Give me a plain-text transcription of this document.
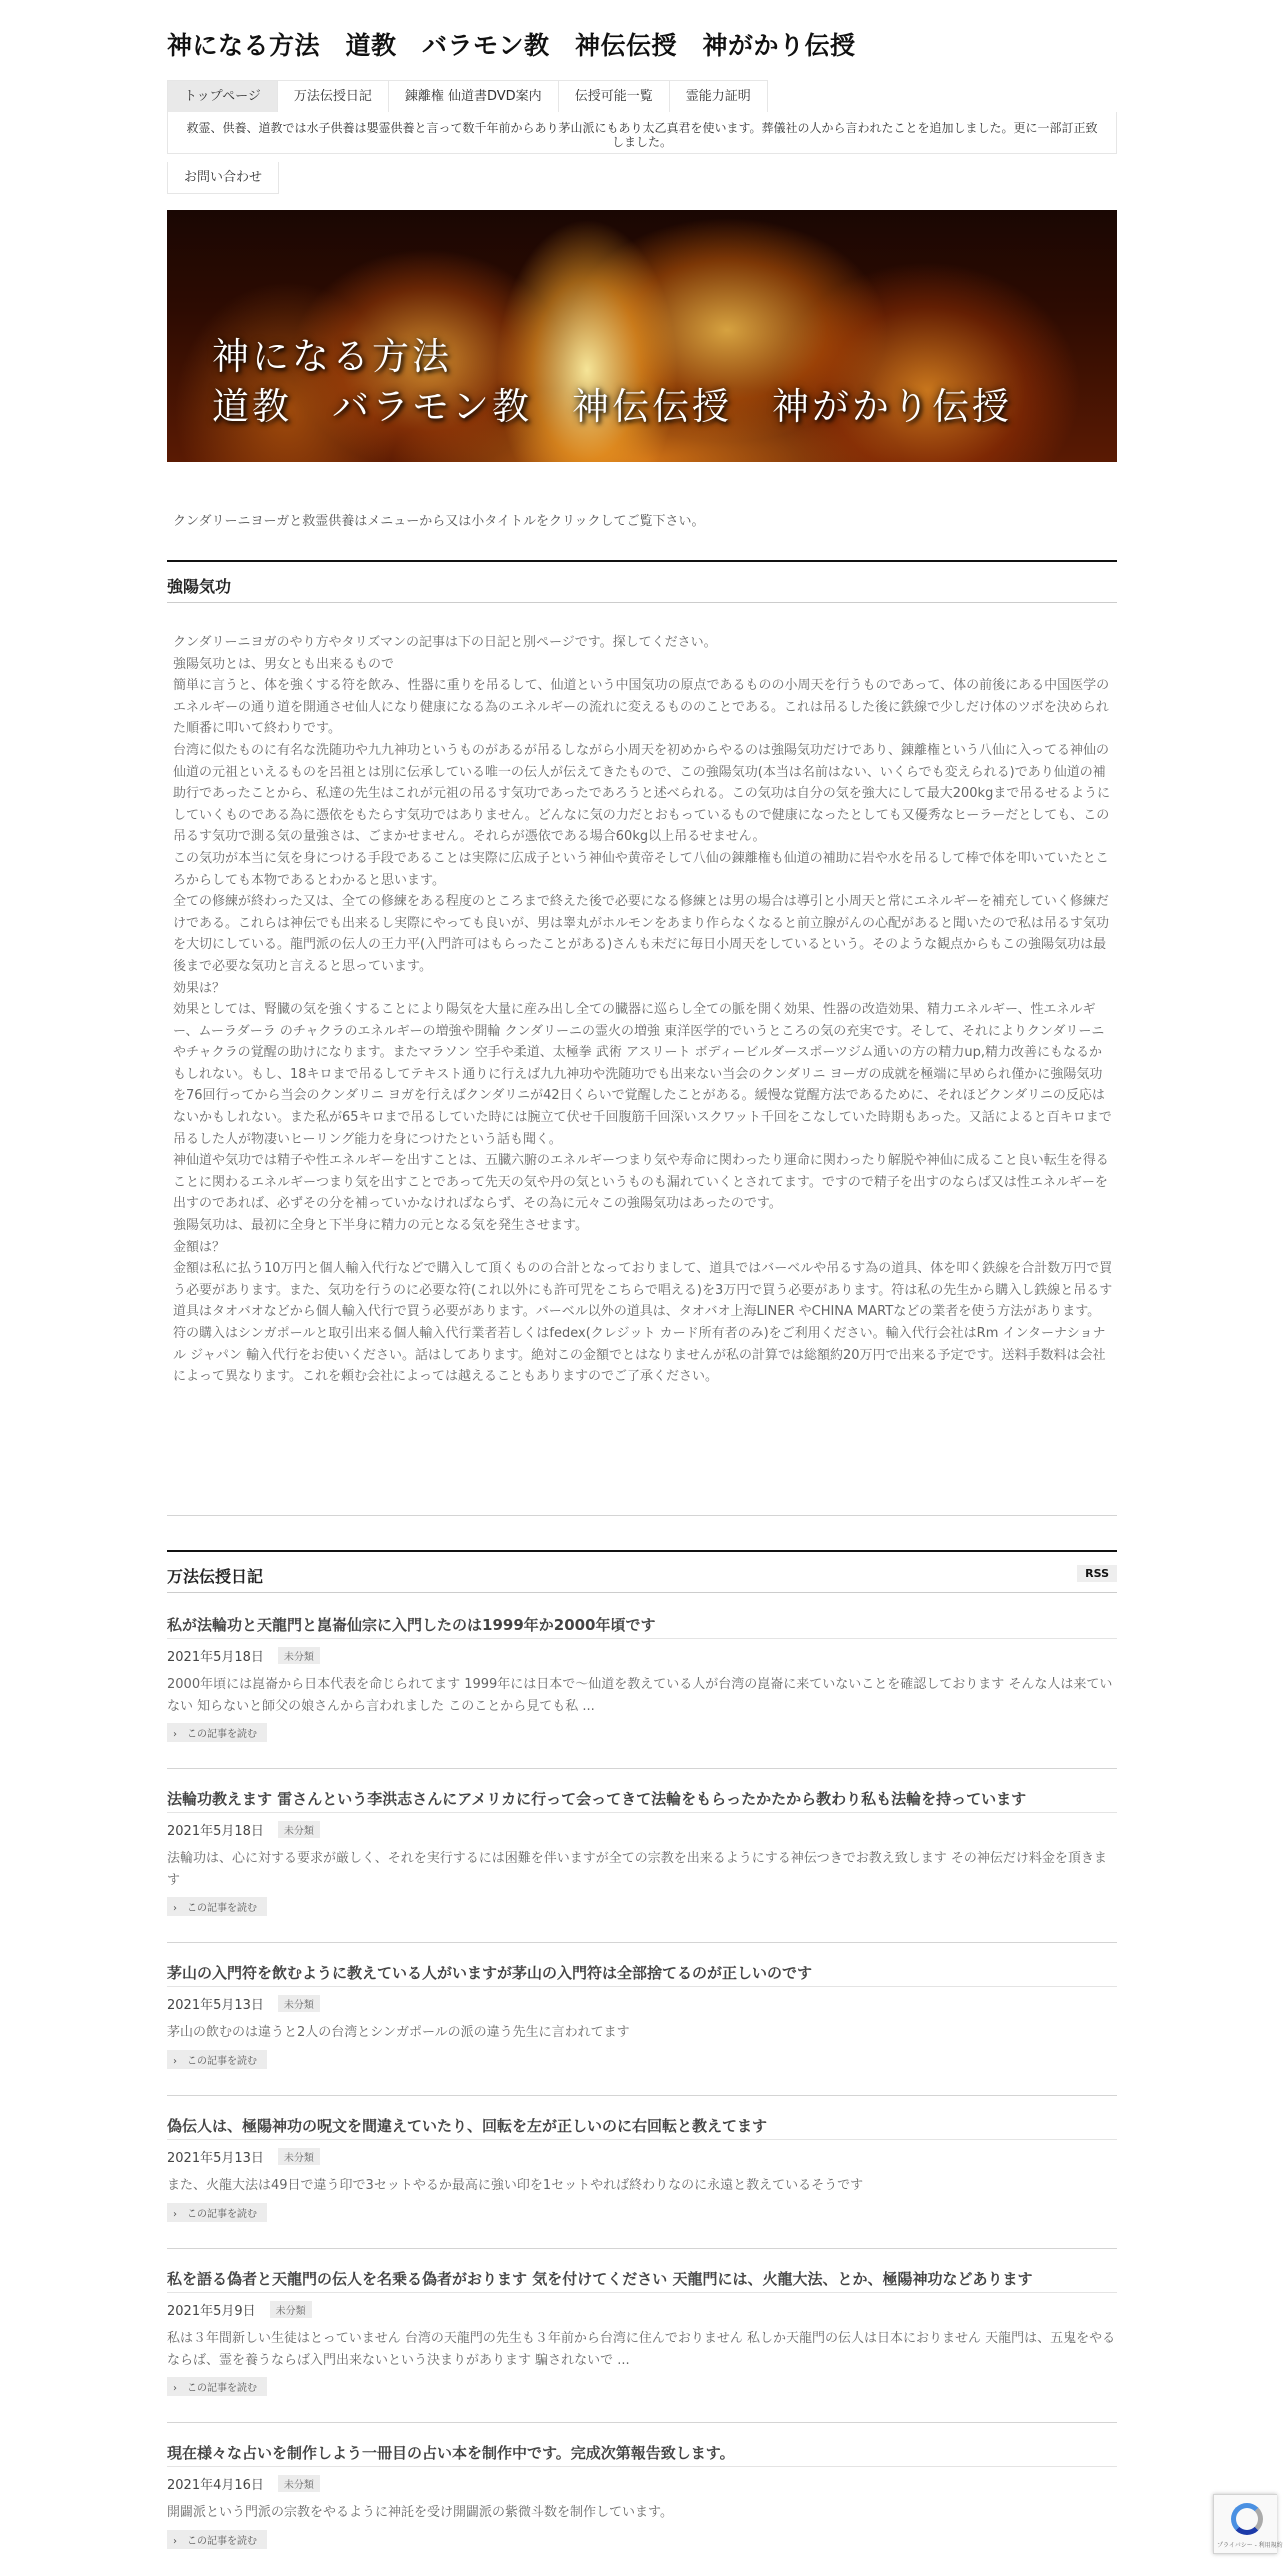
神になる方法　道教　バラモン教　神伝伝授　神がかり伝授
トップページ	万法伝授日記	錬離権 仙道書DVD案内	伝授可能一覧	霊能力証明
救霊、供養、道教では水子供養は嬰霊供養と言って数千年前からあり茅山派にもあり太乙真君を使います。葬儀社の人から言われたことを追加しました。更に一部訂正致しました。
お問い合わせ
神になる方法
道教　バラモン教　神伝伝授　神がかり伝授
クンダリーニヨーガと救霊供養はメニューから又は小タイトルをクリックしてご覧下さい。
強陽気功

クンダリーニヨガのやり方やタリズマンの記事は下の日記と別ページです。探してください。

強陽気功とは、男女とも出来るもので

簡単に言うと、体を強くする符を飲み、性器に重りを吊るして、仙道という中国気功の原点であるものの小周天を行うものであって、体の前後にある中国医学のエネルギーの通り道を開通させ仙人になり健康になる為のエネルギーの流れに変えるもののことである。これは吊るした後に鉄線で少しだけ体のツボを決められた順番に叩いて終わりです。

台湾に似たものに有名な洗随功や九九神功というものがあるが吊るしながら小周天を初めからやるのは強陽気功だけであり、錬離権という八仙に入ってる神仙の仙道の元祖といえるものを呂祖とは別に伝承している唯一の伝人が伝えてきたもので、この強陽気功(本当は名前はない、いくらでも変えられる)であり仙道の補助行であったことから、私達の先生はこれが元祖の吊るす気功であったであろうと述べられる。この気功は自分の気を強大にして最大200kgまで吊るせるようにしていくものである為に憑依をもたらす気功ではありません。どんなに気の力だとおもっているもので健康になったとしても又優秀なヒーラーだとしても、この吊るす気功で測る気の量強さは、ごまかせません。それらが憑依である場合60kg以上吊るせません。

この気功が本当に気を身につける手段であることは実際に広成子という神仙や黄帝そして八仙の錬離権も仙道の補助に岩や水を吊るして棒で体を叩いていたところからしても本物であるとわかると思います。

全ての修練が終わった又は、全ての修練をある程度のところまで終えた後で必要になる修練とは男の場合は導引と小周天と常にエネルギーを補充していく修練だけである。これらは神伝でも出来るし実際にやっても良いが、男は睾丸がホルモンをあまり作らなくなると前立腺がんの心配があると聞いたので私は吊るす気功を大切にしている。龍門派の伝人の王力平(入門許可はもらったことがある)さんも未だに毎日小周天をしているという。そのような観点からもこの強陽気功は最後まで必要な気功と言えると思っています。

効果は？

効果としては、腎臓の気を強くすることにより陽気を大量に産み出し全ての臓器に巡らし全ての脈を開く効果、性器の改造効果、精力エネルギー、性エネルギー、ムーラダーラ のチャクラのエネルギーの増強や開輪 クンダリーニの霊火の増強 東洋医学的でいうところの気の充実です。そして、それによりクンダリーニやチャクラの覚醒の助けになります。またマラソン 空手や柔道、太極拳 武術 アスリート ボディービルダースポーツジム通いの方の精力up,精力改善にもなるかもしれない。もし、18キロまで吊るしてテキスト通りに行えば九九神功や洗随功でも出来ない当会のクンダリニ ヨーガの成就を極端に早められ僅かに強陽気功を76回行ってから当会のクンダリニ ヨガを行えばクンダリニが42日くらいで覚醒したことがある。緩慢な覚醒方法であるために、それほどクンダリニの反応はないかもしれない。また私が65キロまで吊るしていた時には腕立て伏せ千回腹筋千回深いスクワット千回をこなしていた時期もあった。又話によると百キロまで吊るした人が物凄いヒーリング能力を身につけたという話も聞く。

神仙道や気功では精子や性エネルギーを出すことは、五臓六腑のエネルギーつまり気や寿命に関わったり運命に関わったり解脱や神仙に成ること良い転生を得ることに関わるエネルギーつまり気を出すことであって先天の気や丹の気というものも漏れていくとされてます。ですので精子を出すのならば又は性エネルギーを出すのであれば、必ずその分を補っていかなければならず、その為に元々この強陽気功はあったのです。

強陽気功は、最初に全身と下半身に精力の元となる気を発生させます。

金額は？

金額は私に払う10万円と個人輸入代行などで購入して頂くものの合計となっておりまして、道具ではバーベルや吊るす為の道具、体を叩く鉄線を合計数万円で買う必要があります。また、気功を行うのに必要な符(これ以外にも許可咒をこちらで唱える)を3万円で買う必要があります。符は私の先生から購入し鉄線と吊るす道具はタオバオなどから個人輸入代行で買う必要があります。バーベル以外の道具は、タオバオ上海LINER やCHINA MARTなどの業者を使う方法があります。符の購入はシンガポールと取引出来る個人輸入代行業者若しくはfedex(クレジット カード所有者のみ)をご利用ください。輸入代行会社はRm インターナショナル ジャパン 輸入代行をお使いください。話はしてあります。絶対この金額でとはなりませんが私の計算では総額約20万円で出来る予定です。送料手数料は会社によって異なります。これを頼む会社によっては越えることもありますのでご了承ください。

万法伝授日記	RSS
私が法輪功と天龍門と崑崙仙宗に入門したのは1999年か2000年頃です
2021年5月18日	未分類
2000年頃には崑崙から日本代表を命じられてます 1999年には日本で～仙道を教えている人が台湾の崑崙に来ていないことを確認しております そんな人は来ていない 知らないと師父の娘さんから言われました このことから見ても私 ...
›　 この記事を読む
法輪功教えます 雷さんという李洪志さんにアメリカに行って会ってきて法輪をもらったかたから教わり私も法輪を持っています
2021年5月18日	未分類
法輪功は、心に対する要求が厳しく、それを実行するには困難を伴いますが全ての宗教を出来るようにする神伝つきでお教え致します その神伝だけ料金を頂きます
›　 この記事を読む
茅山の入門符を飲むように教えている人がいますが茅山の入門符は全部捨てるのが正しいのです
2021年5月13日	未分類
茅山の飲むのは違うと2人の台湾とシンガポールの派の違う先生に言われてます
›　 この記事を読む
偽伝人は、極陽神功の呪文を間違えていたり、回転を左が正しいのに右回転と教えてます
2021年5月13日	未分類
また、火龍大法は49日で違う印で3セットやるか最高に強い印を1セットやれば終わりなのに永遠と教えているそうです
›　 この記事を読む
私を語る偽者と天龍門の伝人を名乗る偽者がおります 気を付けてください 天龍門には、火龍大法、とか、極陽神功などあります
2021年5月9日	未分類
私は３年間新しい生徒はとっていません 台湾の天龍門の先生も３年前から台湾に住んでおりません 私しか天龍門の伝人は日本におりません 天龍門は、五鬼をやるならば、霊を養うならば入門出来ないという決まりがあります 騙されないで ...
›　 この記事を読む
現在様々な占いを制作しよう一冊目の占い本を制作中です。完成次第報告致します。
2021年4月16日	未分類
開闢派という門派の宗教をやるように神託を受け開闢派の紫微斗数を制作しています。
›　 この記事を読む	プライバシー - 利用規約
